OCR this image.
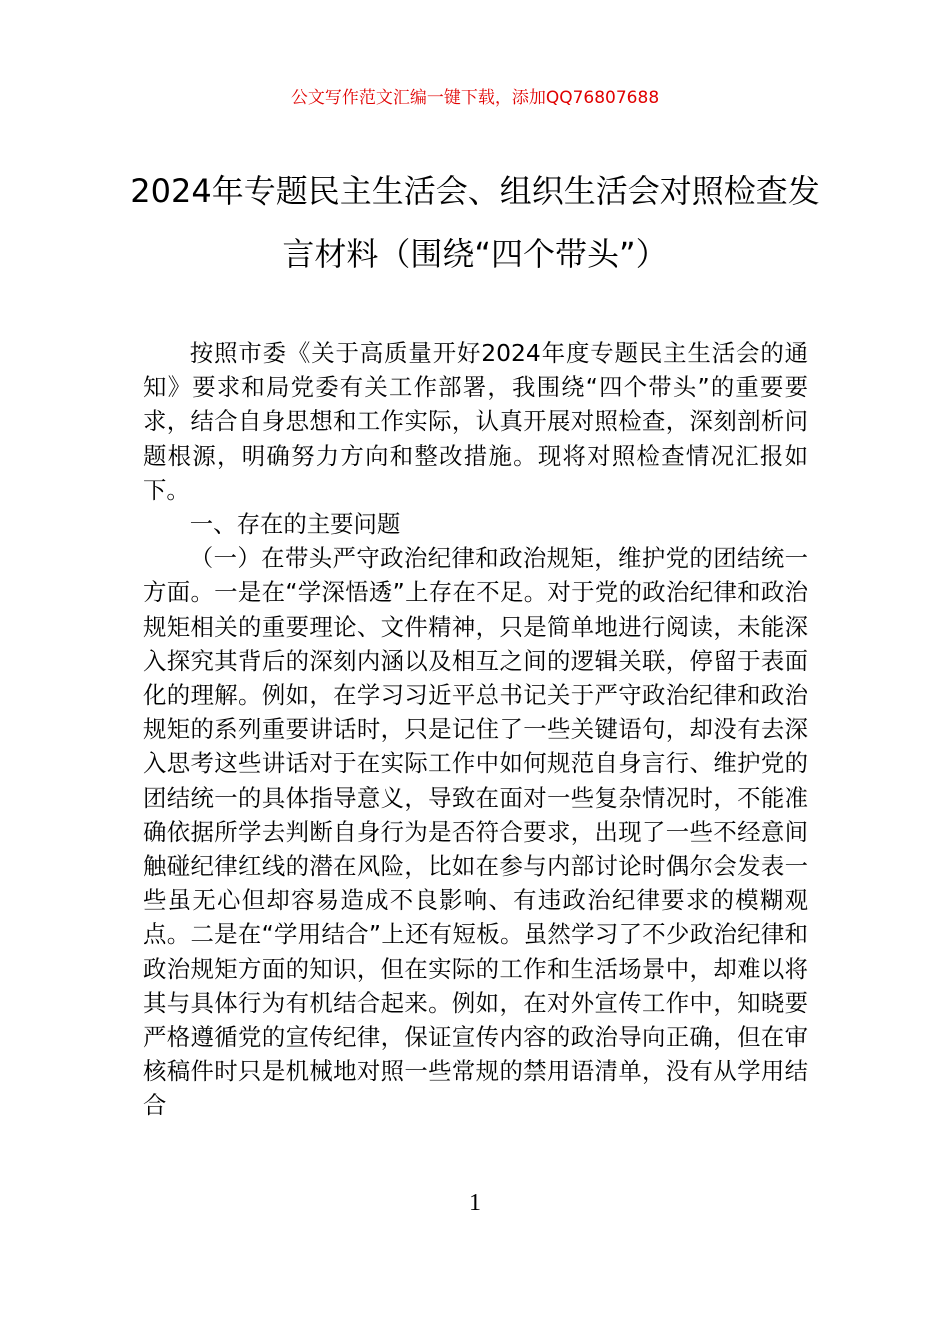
公文写作范文汇编一键下载，添加QQ76807688
2024年专题民主生活会、组织生活会对照检查发言材料（围绕“四个带头”）

按照市委《关于高质量开好2024年度专题民主生活会的通知》要求和局党委有关工作部署，我围绕“四个带头”的重要要求，结合自身思想和工作实际，认真开展对照检查，深刻剖析问题根源，明确努力方向和整改措施。现将对照检查情况汇报如下。

一、存在的主要问题

（一）在带头严守政治纪律和政治规矩，维护党的团结统一方面。一是在“学深悟透”上存在不足。对于党的政治纪律和政治规矩相关的重要理论、文件精神，只是简单地进行阅读，未能深入探究其背后的深刻内涵以及相互之间的逻辑关联，停留于表面化的理解。例如，在学习习近平总书记关于严守政治纪律和政治规矩的系列重要讲话时，只是记住了一些关键语句，却没有去深入思考这些讲话对于在实际工作中如何规范自身言行、维护党的团结统一的具体指导意义，导致在面对一些复杂情况时，不能准确依据所学去判断自身行为是否符合要求，出现了一些不经意间触碰纪律红线的潜在风险，比如在参与内部讨论时偶尔会发表一些虽无心但却容易造成不良影响、有违政治纪律要求的模糊观点。二是在“学用结合”上还有短板。虽然学习了不少政治纪律和政治规矩方面的知识，但在实际的工作和生活场景中，却难以将其与具体行为有机结合起来。例如，在对外宣传工作中，知晓要严格遵循党的宣传纪律，保证宣传内容的政治导向正确，但在审核稿件时只是机械地对照一些常规的禁用语清单，没有从学用结合

1
